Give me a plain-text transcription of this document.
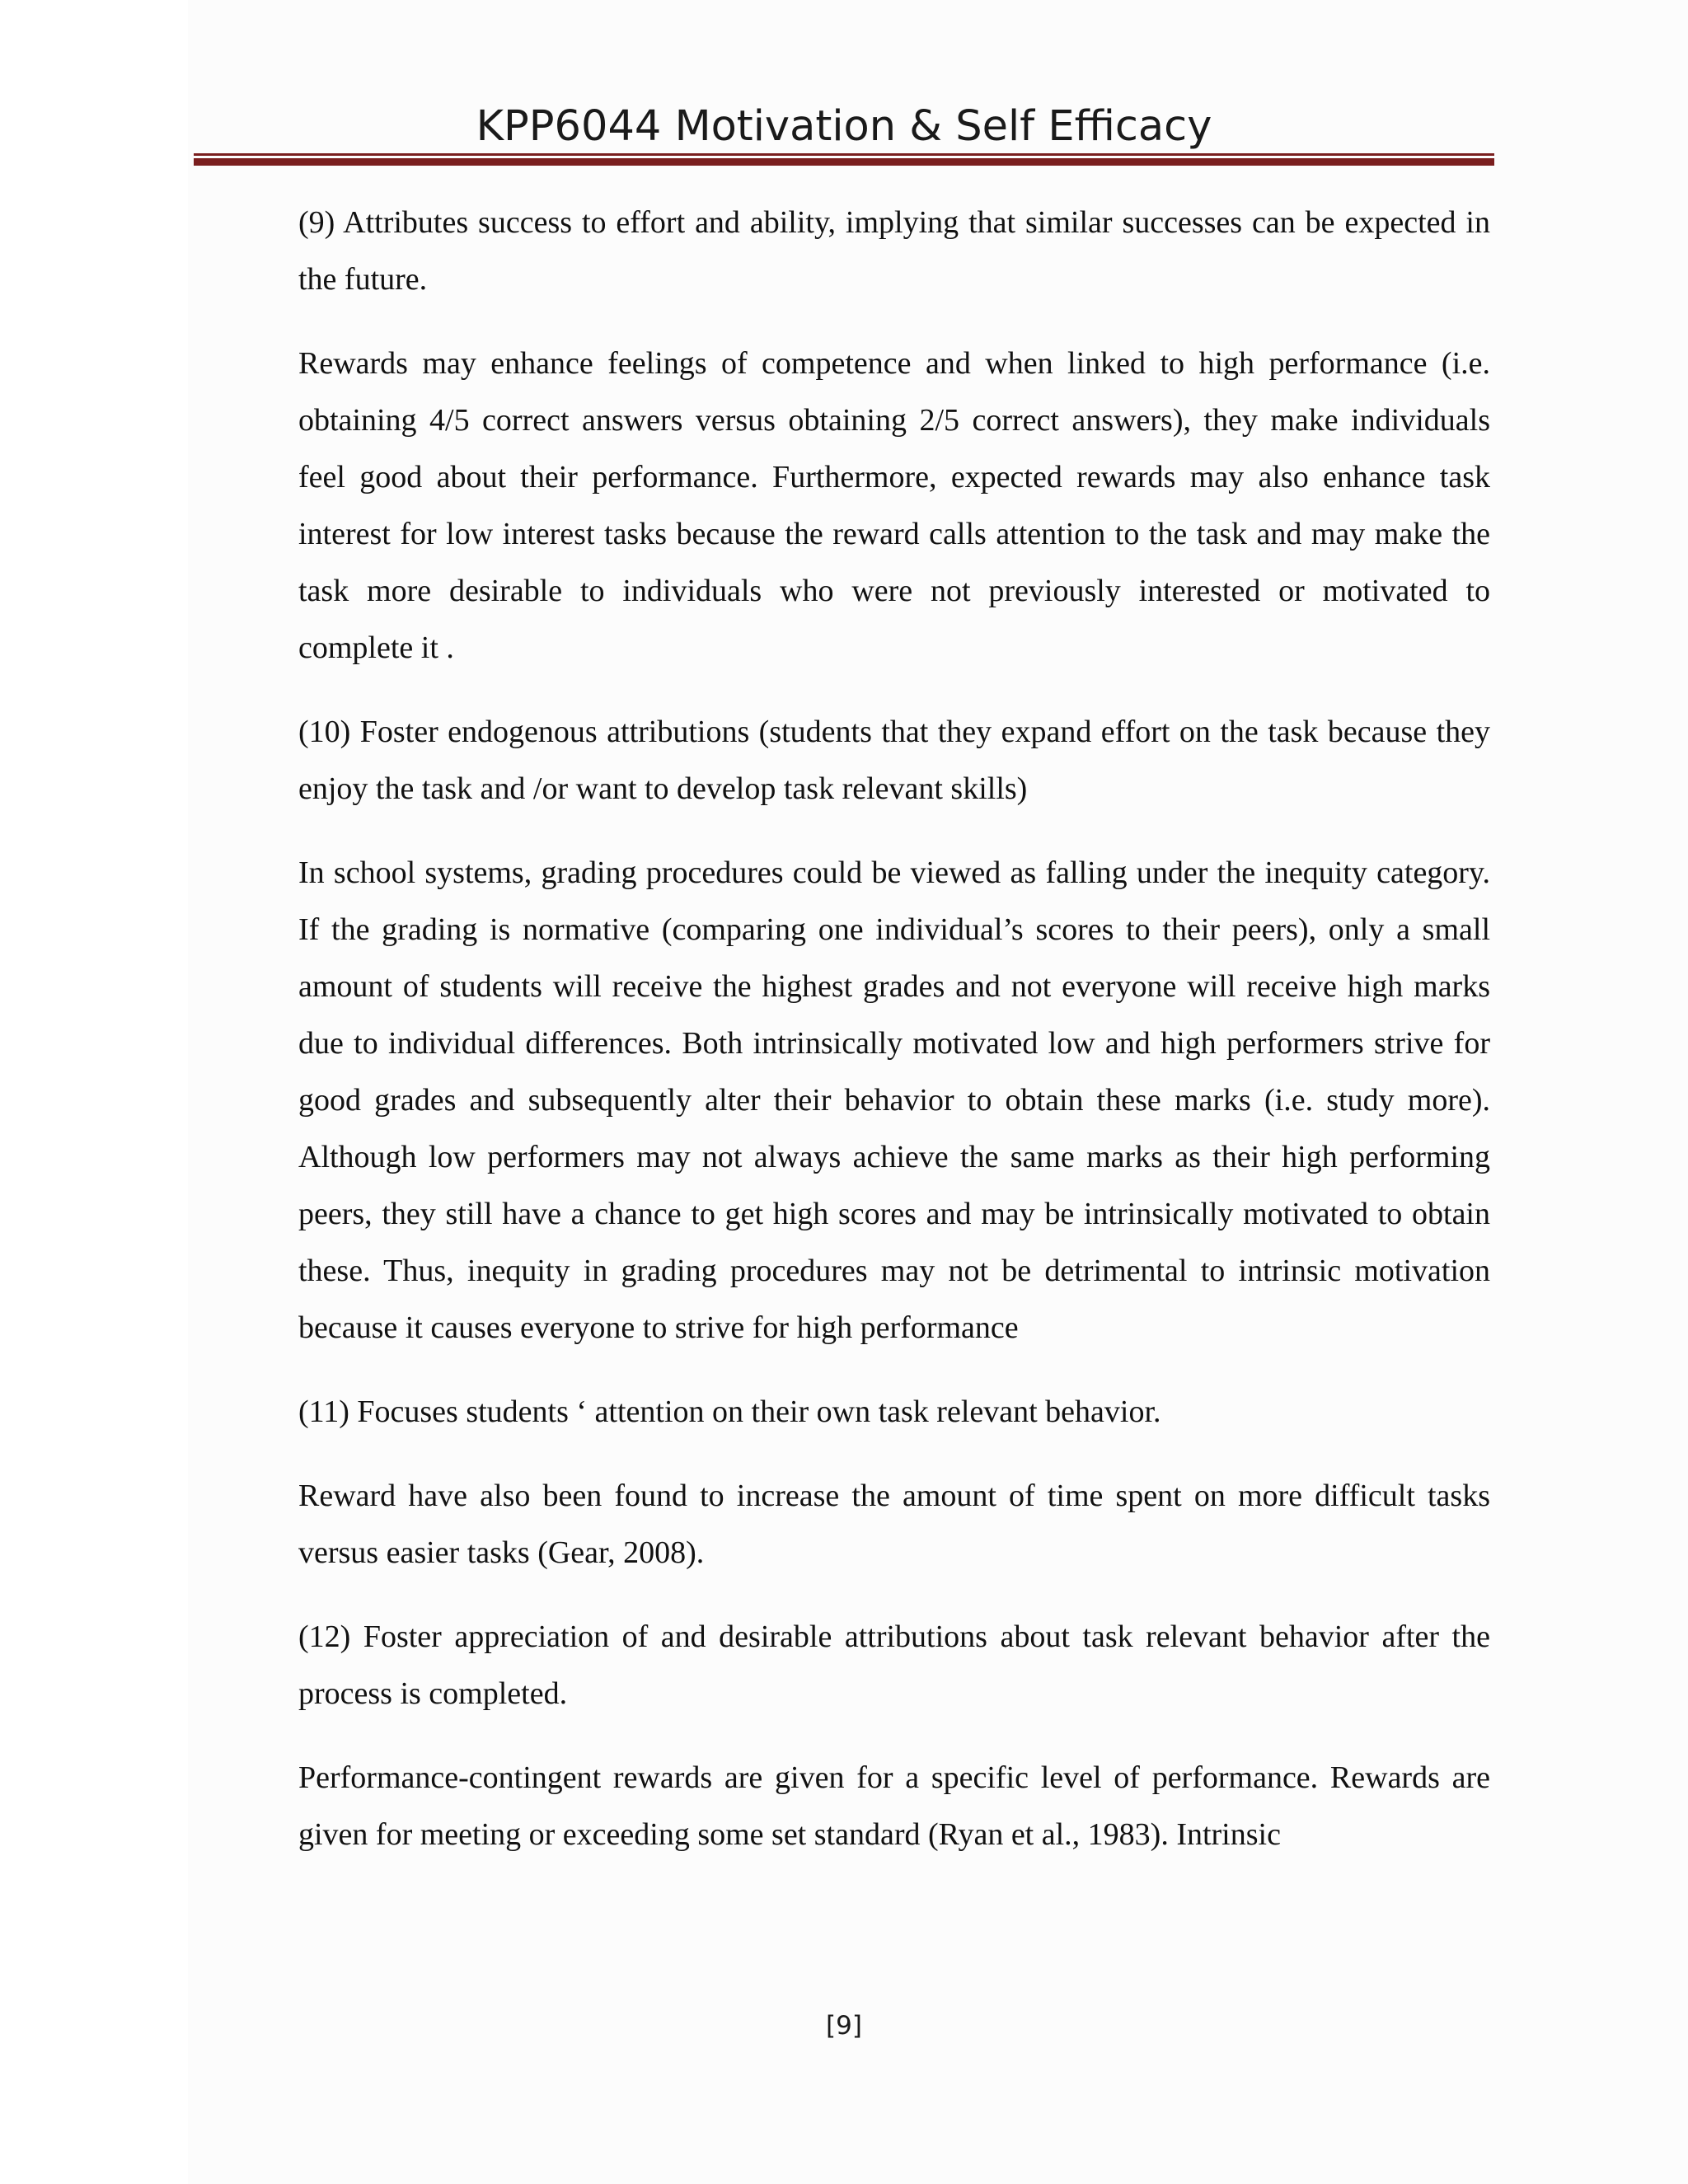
KPP6044 Motivation & Self Efficacy

(9) Attributes success to effort and ability, implying that similar successes can be expected in the future.

Rewards may enhance feelings of competence and when linked to high performance (i.e. obtaining 4/5 correct answers versus obtaining 2/5 correct answers), they make individuals feel good about their performance. Furthermore, expected rewards may also enhance task interest for low interest tasks because the reward calls attention to the task and may make the task more desirable to individuals who were not previously interested or motivated to complete it .

(10) Foster endogenous attributions (students that they expand effort on the task because they enjoy the task and /or want to develop task relevant skills)

In school systems, grading procedures could be viewed as falling under the inequity category. If the grading is normative (comparing one individual’s scores to their peers), only a small amount of students will receive the highest grades and not everyone will receive high marks due to individual differences. Both intrinsically motivated low and high performers strive for good grades and subsequently alter their behavior to obtain these marks (i.e. study more). Although low performers may not always achieve the same marks as their high performing peers, they still have a chance to get high scores and may be intrinsically motivated to obtain these. Thus, inequity in grading procedures may not be detrimental to intrinsic motivation because it causes everyone to strive for high performance

(11) Focuses students ‘ attention on their own task relevant behavior.

Reward have also been found to increase the amount of time spent on more difficult tasks versus easier tasks (Gear, 2008).

(12) Foster appreciation of and desirable attributions about task relevant behavior after the process is completed.

Performance-contingent rewards are given for a specific level of performance. Rewards are given for meeting or exceeding some set standard (Ryan et al., 1983). Intrinsic

[9]
